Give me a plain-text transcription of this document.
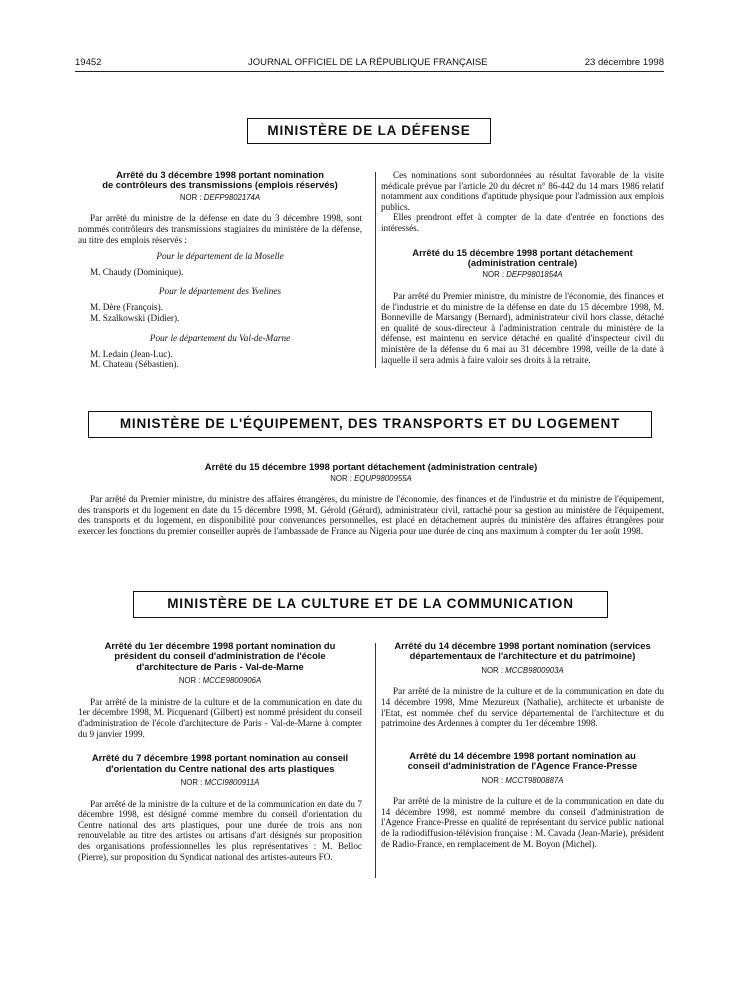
19452	JOURNAL OFFICIEL DE LA RÉPUBLIQUE FRANÇAISE	23 décembre 1998
MINISTÈRE DE LA DÉFENSE
Arrêté du 3 décembre 1998 portant nomination
de contrôleurs des transmissions (emplois réservés)
NOR : DEFP9802174A

Par arrêté du ministre de la défense en date du 3 décembre 1998, sont nommés contrôleurs des transmissions stagiaires du ministère de la défense, au titre des emplois réservés :

Pour le département de la Moselle
M. Chaudy (Dominique).
Pour le département des Yvelines
M. Dère (François).
M. Szalkowski (Didier).
Pour le département du Val-de-Marne
M. Ledain (Jean-Luc).
M. Chateau (Sébastien).

Ces nominations sont subordonnées au résultat favorable de la visite médicale prévue par l'article 20 du décret n° 86-442 du 14 mars 1986 relatif notamment aux conditions d'aptitude physique pour l'admission aux emplois publics.

Elles prendront effet à compter de la date d'entrée en fonctions des intéressés.

Arrêté du 15 décembre 1998 portant détachement
(administration centrale)
NOR : DEFP9801854A

Par arrêté du Premier ministre, du ministre de l'économie, des finances et de l'industrie et du ministre de la défense en date du 15 décembre 1998, M. Bonneville de Marsangy (Bernard), administrateur civil hors classe, détaché en qualité de sous-directeur à l'administration centrale du ministère de la défense, est maintenu en service détaché en qualité d'inspecteur civil du ministère de la défense du 6 mai au 31 décembre 1998, veille de la date à laquelle il sera admis à faire valoir ses droits à la retraite.

MINISTÈRE DE L'ÉQUIPEMENT, DES TRANSPORTS ET DU LOGEMENT
Arrêté du 15 décembre 1998 portant détachement (administration centrale)
NOR : EQUP9800955A

Par arrêté du Premier ministre, du ministre des affaires étrangères, du ministre de l'économie, des finances et de l'industrie et du ministre de l'équipement, des transports et du logement en date du 15 décembre 1998, M. Gérold (Gérard), administrateur civil, rattaché pour sa gestion au ministère de l'équipement, des transports et du logement, en disponibilité pour convenances personnelles, est placé en détachement auprès du ministère des affaires étrangères pour exercer les fonctions du premier conseiller auprès de l'ambassade de France au Nigeria pour une durée de cinq ans maximum à compter du 1er août 1998.

MINISTÈRE DE LA CULTURE ET DE LA COMMUNICATION
Arrêté du 1er décembre 1998 portant nomination du président du conseil d'administration de l'école d'architecture de Paris - Val-de-Marne
NOR : MCCE9800906A

Par arrêté de la ministre de la culture et de la communication en date du 1er décembre 1998, M. Picquenard (Gilbert) est nommé président du conseil d'administration de l'école d'architecture de Paris - Val-de-Marne à compter du 9 janvier 1999.

Arrêté du 7 décembre 1998 portant nomination au conseil d'orientation du Centre national des arts plastiques
NOR : MCCI9800911A

Par arrêté de la ministre de la culture et de la communication en date du 7 décembre 1998, est désigné comme membre du conseil d'orientation du Centre national des arts plastiques, pour une durée de trois ans non renouvelable au titre des artistes ou artisans d'art désignés sur proposition des organisations professionnelles les plus représentatives : M. Belloc (Pierre), sur proposition du Syndicat national des artistes-auteurs FO.

Arrêté du 14 décembre 1998 portant nomination (services départementaux de l'architecture et du patrimoine)
NOR : MCCB9800903A

Par arrêté de la ministre de la culture et de la communication en date du 14 décembre 1998, Mme Mezureux (Nathalie), architecte et urbaniste de l'Etat, est nommée chef du service départemental de l'architecture et du patrimoine des Ardennes à compter du 1er décembre 1998.

Arrêté du 14 décembre 1998 portant nomination au conseil d'administration de l'Agence France-Presse
NOR : MCCT9800887A

Par arrêté de la ministre de la culture et de la communication en date du 14 décembre 1998, est nommé membre du conseil d'administration de l'Agence France-Presse en qualité de représentant du service public national de la radiodiffusion-télévision française : M. Cavada (Jean-Marie), président de Radio-France, en remplacement de M. Boyon (Michel).
